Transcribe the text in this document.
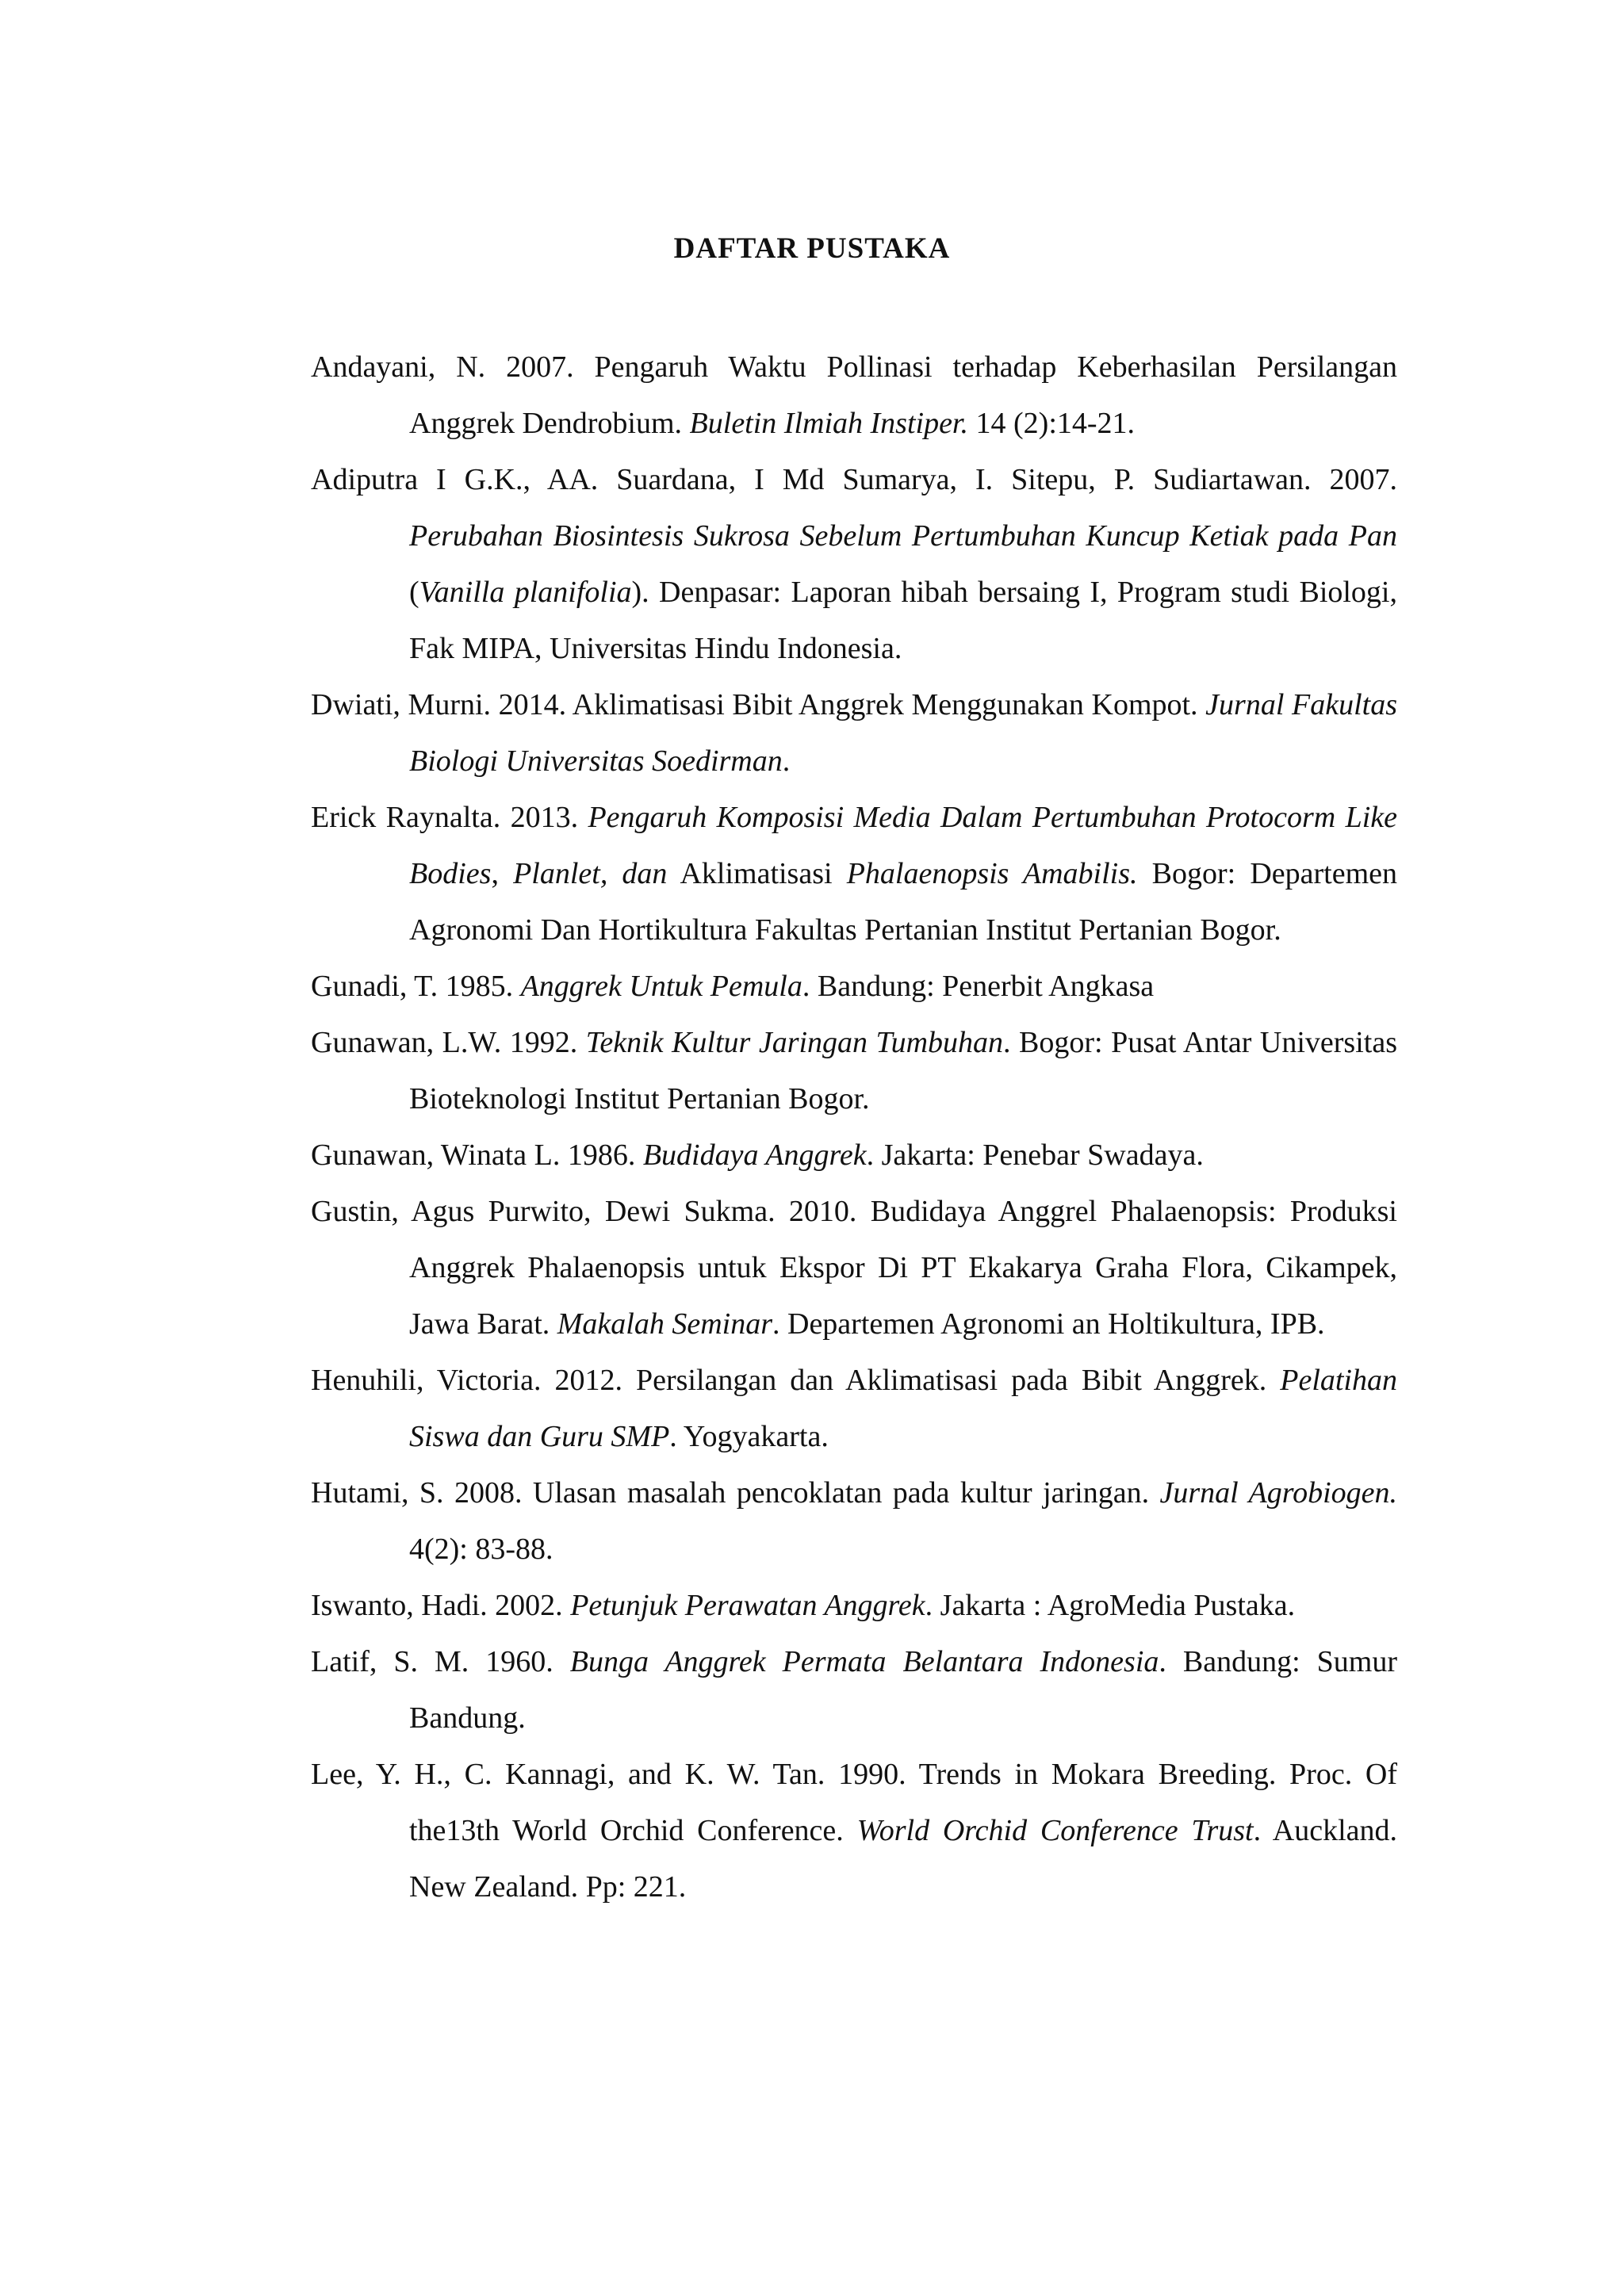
DAFTAR PUSTAKA
Andayani, N. 2007. Pengaruh Waktu Pollinasi terhadap Keberhasilan Persilangan Anggrek Dendrobium. Buletin Ilmiah Instiper. 14 (2):14-21.
Adiputra I G.K., AA. Suardana, I Md Sumarya, I. Sitepu, P. Sudiartawan. 2007. Perubahan Biosintesis Sukrosa Sebelum Pertumbuhan Kuncup Ketiak pada Pan (Vanilla planifolia). Denpasar: Laporan hibah bersaing I, Program studi Biologi, Fak MIPA, Universitas Hindu Indonesia.
Dwiati, Murni. 2014. Aklimatisasi Bibit Anggrek Menggunakan Kompot. Jurnal Fakultas Biologi Universitas Soedirman.
Erick Raynalta. 2013. Pengaruh Komposisi Media Dalam Pertumbuhan Protocorm Like Bodies, Planlet, dan Aklimatisasi Phalaenopsis Amabilis. Bogor: Departemen Agronomi Dan Hortikultura Fakultas Pertanian Institut Pertanian Bogor.
Gunadi, T. 1985. Anggrek Untuk Pemula. Bandung: Penerbit Angkasa
Gunawan, L.W. 1992. Teknik Kultur Jaringan Tumbuhan. Bogor: Pusat Antar Universitas Bioteknologi Institut Pertanian Bogor.
Gunawan, Winata L. 1986. Budidaya Anggrek. Jakarta: Penebar Swadaya.
Gustin, Agus Purwito, Dewi Sukma. 2010. Budidaya Anggrel Phalaenopsis: Produksi Anggrek Phalaenopsis untuk Ekspor Di PT Ekakarya Graha Flora, Cikampek, Jawa Barat. Makalah Seminar. Departemen Agronomi an Holtikultura, IPB.
Henuhili, Victoria. 2012. Persilangan dan Aklimatisasi pada Bibit Anggrek. Pelatihan Siswa dan Guru SMP. Yogyakarta.
Hutami, S. 2008. Ulasan masalah pencoklatan pada kultur jaringan. Jurnal Agrobiogen. 4(2): 83-88.
Iswanto, Hadi. 2002. Petunjuk Perawatan Anggrek. Jakarta : AgroMedia Pustaka.
Latif, S. M. 1960. Bunga Anggrek Permata Belantara Indonesia. Bandung: Sumur Bandung.
Lee, Y. H., C. Kannagi, and K. W. Tan. 1990. Trends in Mokara Breeding. Proc. Of the13th World Orchid Conference. World Orchid Conference Trust. Auckland. New Zealand. Pp: 221.
